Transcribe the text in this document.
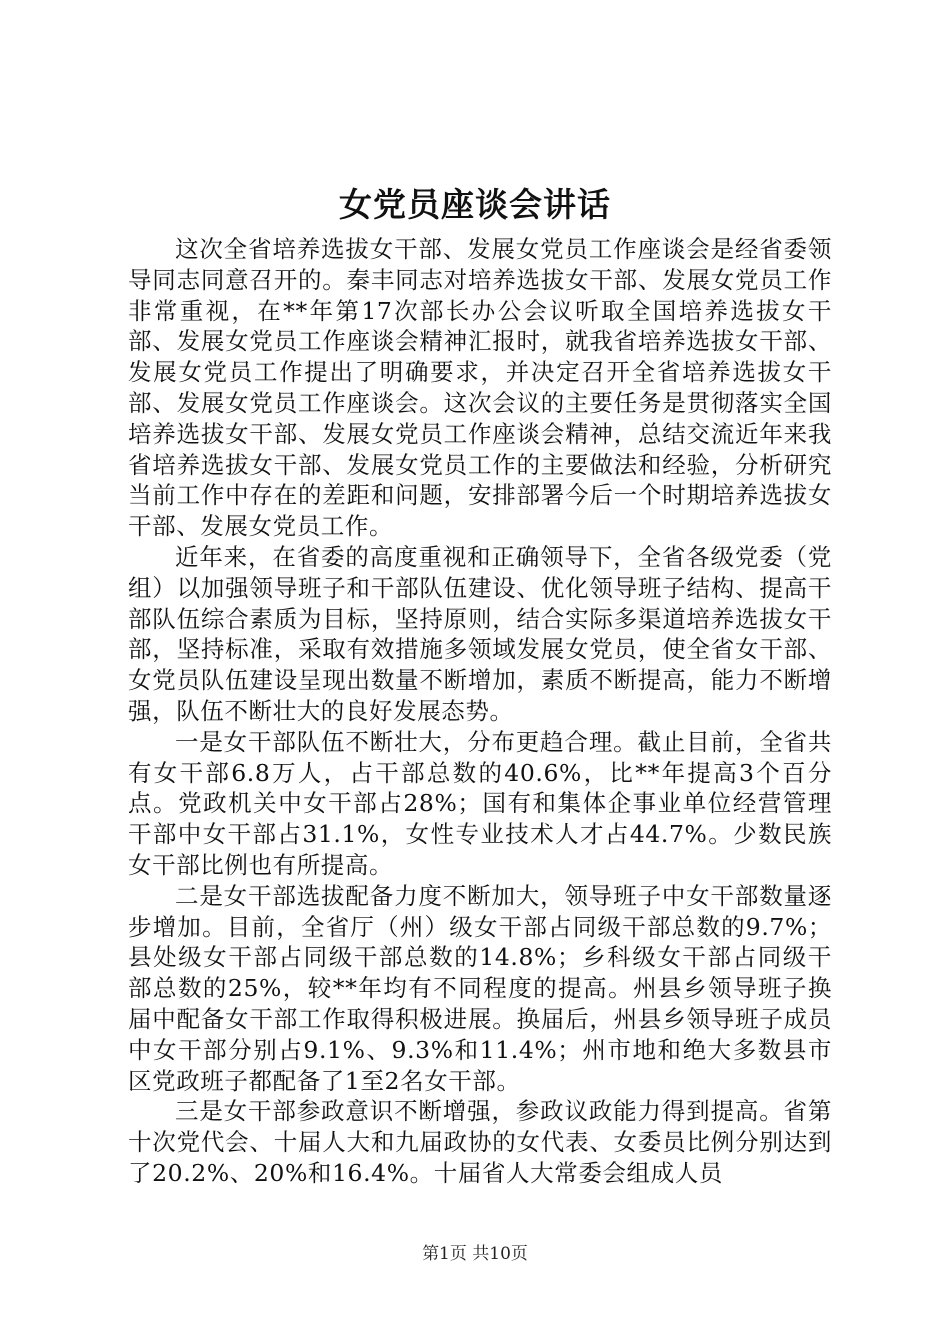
女党员座谈会讲话

这次全省培养选拔女干部、发展女党员工作座谈会是经省委领导同志同意召开的。秦丰同志对培养选拔女干部、发展女党员工作非常重视，在**年第17次部长办公会议听取全国培养选拔女干部、发展女党员工作座谈会精神汇报时，就我省培养选拔女干部、发展女党员工作提出了明确要求，并决定召开全省培养选拔女干部、发展女党员工作座谈会。这次会议的主要任务是贯彻落实全国培养选拔女干部、发展女党员工作座谈会精神，总结交流近年来我省培养选拔女干部、发展女党员工作的主要做法和经验，分析研究当前工作中存在的差距和问题，安排部署今后一个时期培养选拔女干部、发展女党员工作。

近年来，在省委的高度重视和正确领导下，全省各级党委（党组）以加强领导班子和干部队伍建设、优化领导班子结构、提高干部队伍综合素质为目标，坚持原则，结合实际多渠道培养选拔女干部，坚持标准，采取有效措施多领域发展女党员，使全省女干部、女党员队伍建设呈现出数量不断增加，素质不断提高，能力不断增强，队伍不断壮大的良好发展态势。

一是女干部队伍不断壮大，分布更趋合理。截止目前，全省共有女干部6.8万人，占干部总数的40.6%，比**年提高3个百分点。党政机关中女干部占28%；国有和集体企事业单位经营管理干部中女干部占31.1%，女性专业技术人才占44.7%。少数民族女干部比例也有所提高。

二是女干部选拔配备力度不断加大，领导班子中女干部数量逐步增加。目前，全省厅（州）级女干部占同级干部总数的9.7%；县处级女干部占同级干部总数的14.8%；乡科级女干部占同级干部总数的25%，较**年均有不同程度的提高。州县乡领导班子换届中配备女干部工作取得积极进展。换届后，州县乡领导班子成员中女干部分别占9.1%、9.3%和11.4%；州市地和绝大多数县市区党政班子都配备了1至2名女干部。

三是女干部参政意识不断增强，参政议政能力得到提高。省第十次党代会、十届人大和九届政协的女代表、女委员比例分别达到了20.2%、20%和16.4%。十届省人大常委会组成人员

第1页 共10页
